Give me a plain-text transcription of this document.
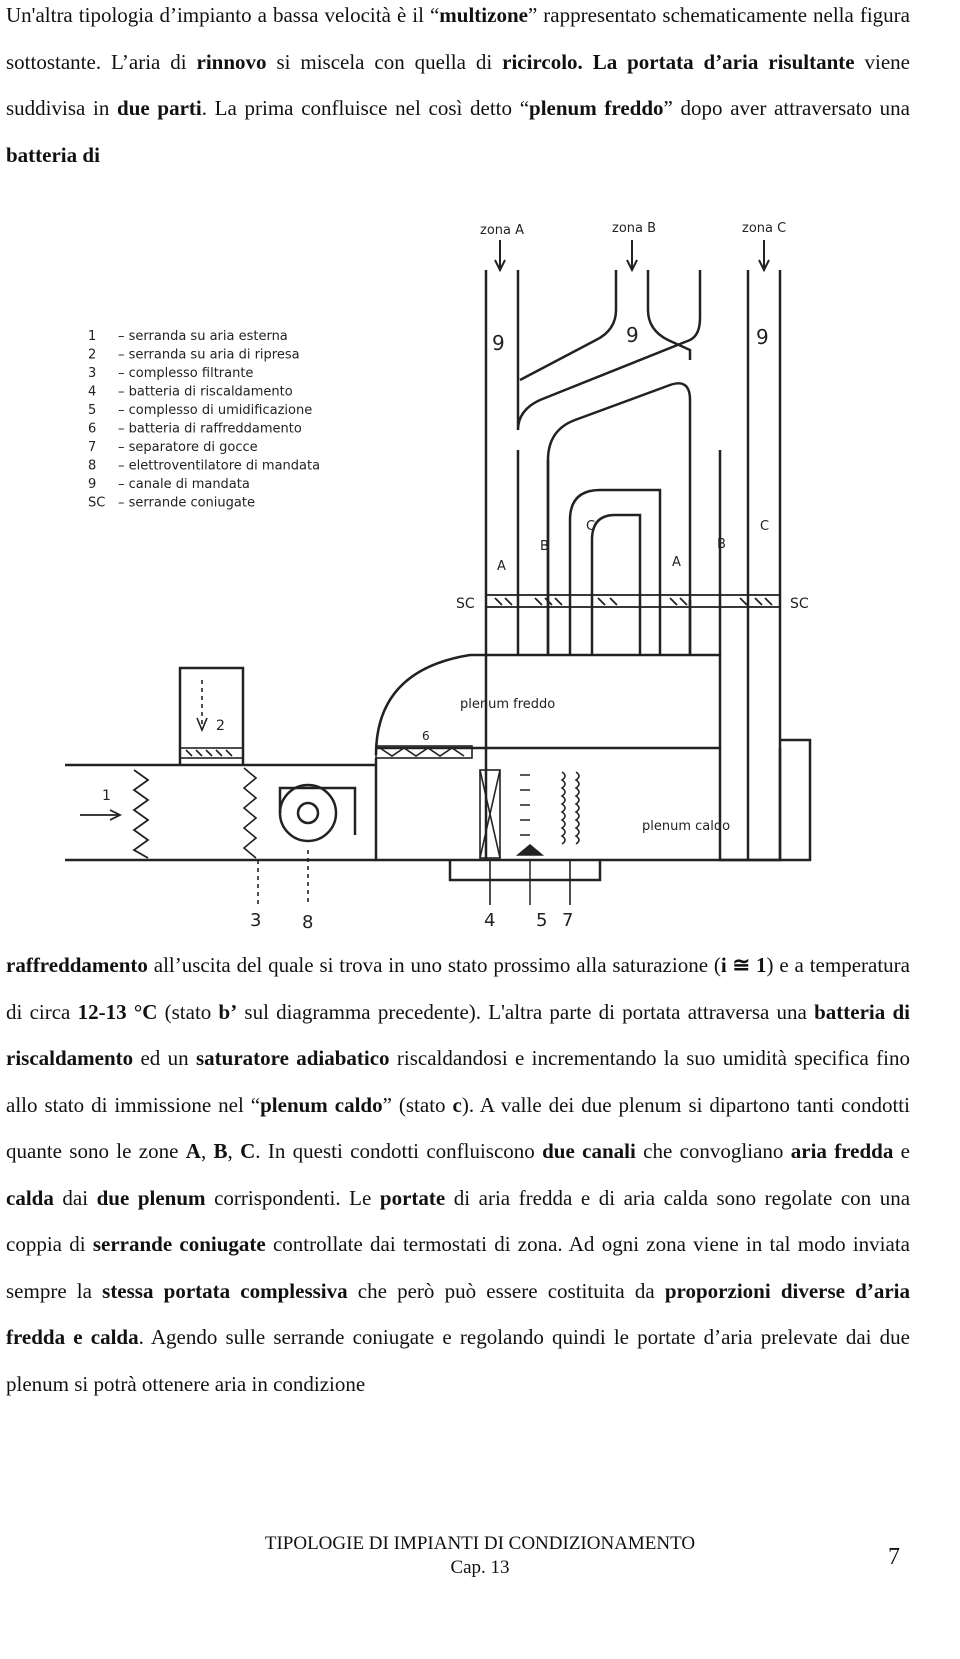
Un'altra tipologia d’impianto a bassa velocità è il “multizone” rappresentato schematicamente nella figura sottostante. L’aria di rinnovo si miscela con quella di ricircolo. La portata d’aria risultante viene suddivisa in due parti. La prima confluisce nel così detto “plenum freddo” dopo aver attraversato una batteria di

zona A	zona B	zona C
1 – serranda su aria esterna
2 – serranda su aria di ripresa
3 – complesso filtrante
4 – batteria di riscaldamento
5 – complesso di umidificazione
6 – batteria di raffreddamento
7 – separatore di gocce
8 – elettroventilatore di mandata
9 – canale di mandata
SC – serrande coniugate
SC	SC
9	9	9
A
B
C
A
B
C
plenum freddo
6
plenum caldo
2
1
3 8	4 5 7

raffreddamento all’uscita del quale si trova in uno stato prossimo alla saturazione (i ≅ 1) e a temperatura di circa 12-13 °C (stato b’ sul diagramma precedente). L'altra parte di portata attraversa una batteria di riscaldamento ed un saturatore adiabatico riscaldandosi e incrementando la suo umidità specifica fino allo stato di immissione nel “plenum caldo” (stato c). A valle dei due plenum si dipartono tanti condotti quante sono le zone A, B, C. In questi condotti confluiscono due canali che convogliano aria fredda e calda dai due plenum corrispondenti. Le portate di aria fredda e di aria calda sono regolate con una coppia di serrande coniugate controllate dai termostati di zona. Ad ogni zona viene in tal modo inviata sempre la stessa portata complessiva che però può essere costituita da proporzioni diverse d’aria fredda e calda. Agendo sulle serrande coniugate e regolando quindi le portate d’aria prelevate dai due plenum si potrà ottenere aria in condizione

TIPOLOGIE DI IMPIANTI DI CONDIZIONAMENTO
Cap. 13	7
